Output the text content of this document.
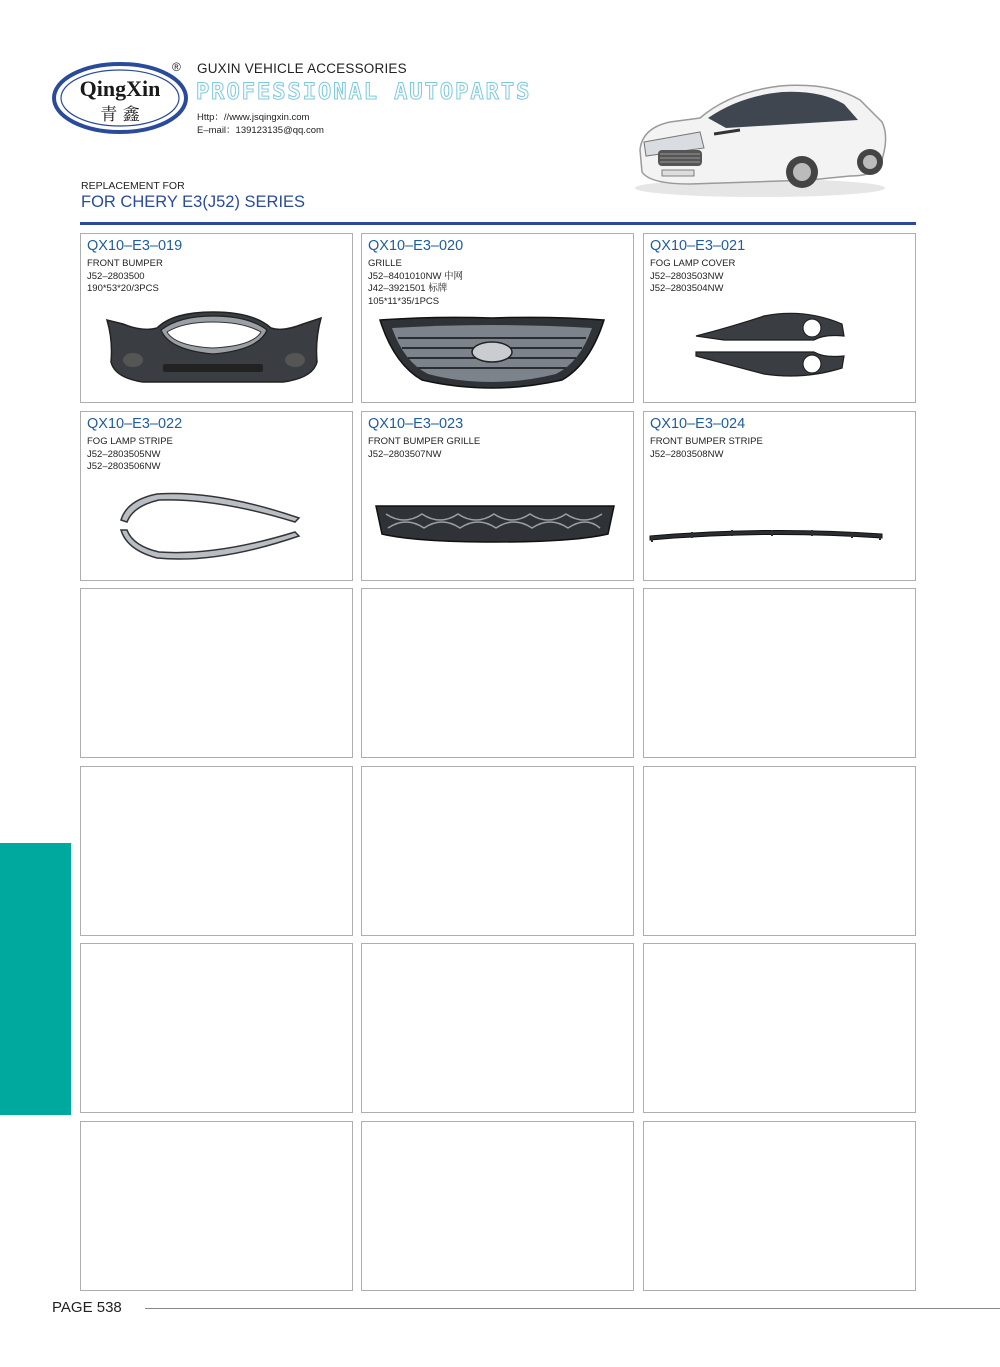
QingXin
青 鑫
® GUXIN VEHICLE ACCESSORIES
PROFESSIONAL AUTOPARTS
Http：//www.jsqingxin.com
E–mail：139123135@qq.com
REPLACEMENT FOR
FOR CHERY E3(J52) SERIES
QX10–E3–019
FRONT BUMPER
J52–2803500
190*53*20/3PCS
QX10–E3–020
GRILLE
J52–8401010NW 中网
J42–3921501 标牌
105*11*35/1PCS
QX10–E3–021
FOG LAMP COVER
J52–2803503NW
J52–2803504NW
QX10–E3–022
FOG LAMP STRIPE
J52–2803505NW
J52–2803506NW
QX10–E3–023
FRONT BUMPER GRILLE
J52–2803507NW
QX10–E3–024
FRONT BUMPER STRIPE
J52–2803508NW
PAGE 538
